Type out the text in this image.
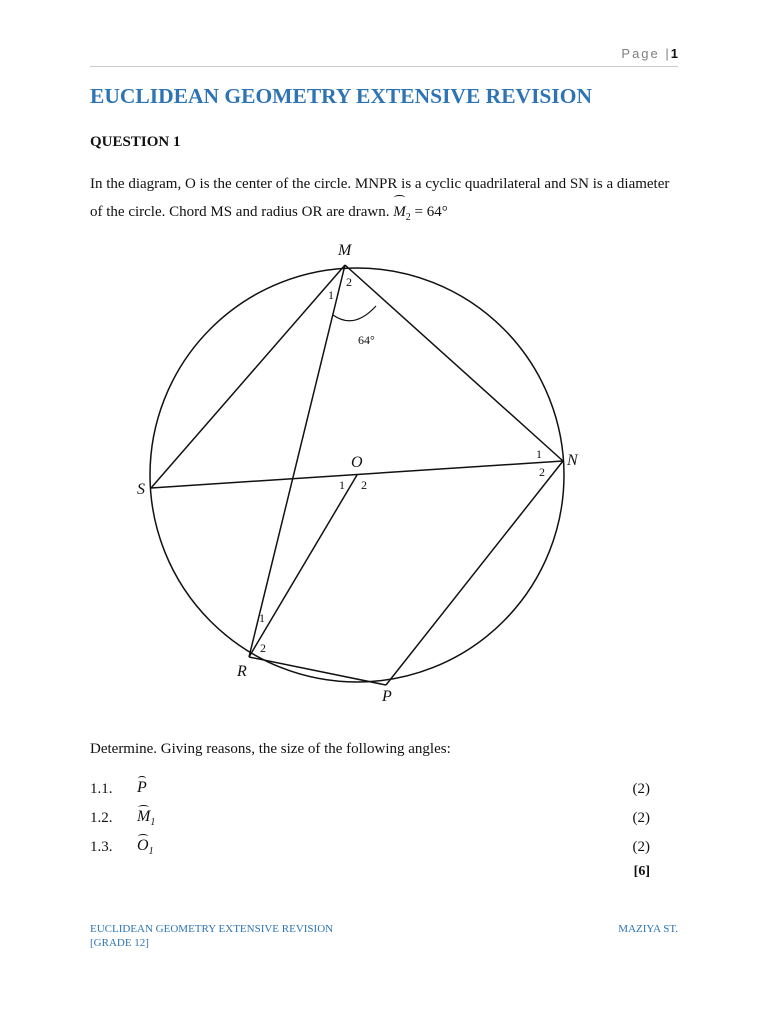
Page |1
EUCLIDEAN GEOMETRY EXTENSIVE REVISION
QUESTION 1

In the diagram, O is the center of the circle. MNPR is a cyclic quadrilateral and SN is a diameter
of the circle. Chord MS and radius OR are drawn. $M_2 = 64^\circ$

M
N
S
O
R
P
1
2
64°
1
2
1 2
1
2

Determine. Giving reasons, the size of the following angles:

1.1. P	(2)
1.2. $M_1$	(2)
1.3. $O_1$	(2)
[6]
EUCLIDEAN GEOMETRY EXTENSIVE REVISION
[GRADE 12]
MAZIYA ST.
